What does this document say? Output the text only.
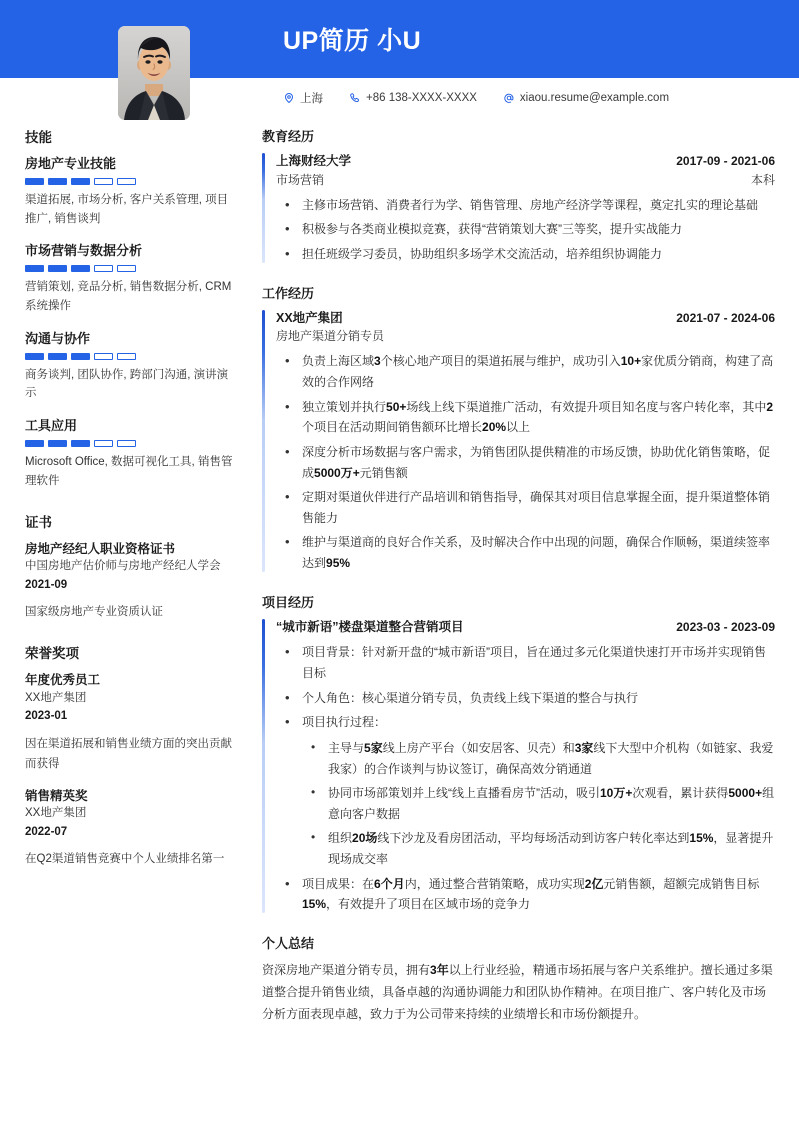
UP简历 小U
上海	+86 138-XXXX-XXXX	xiaou.resume@example.com
技能
房地产专业技能
渠道拓展, 市场分析, 客户关系管理, 项目推广, 销售谈判
市场营销与数据分析
营销策划, 竞品分析, 销售数据分析, CRM系统操作
沟通与协作
商务谈判, 团队协作, 跨部门沟通, 演讲演示
工具应用
Microsoft Office, 数据可视化工具, 销售管理软件
证书
房地产经纪人职业资格证书
中国房地产估价师与房地产经纪人学会
2021-09
国家级房地产专业资质认证
荣誉奖项
年度优秀员工
XX地产集团
2023-01
因在渠道拓展和销售业绩方面的突出贡献而获得
销售精英奖
XX地产集团
2022-07
在Q2渠道销售竞赛中个人业绩排名第一
教育经历
上海财经大学	2017-09 - 2021-06
市场营销	本科
• 主修市场营销、消费者行为学、销售管理、房地产经济学等课程，奠定扎实的理论基础
• 积极参与各类商业模拟竞赛，获得“营销策划大赛”三等奖，提升实战能力
• 担任班级学习委员，协助组织多场学术交流活动，培养组织协调能力
工作经历
XX地产集团	2021-07 - 2024-06
房地产渠道分销专员
• 负责上海区域3个核心地产项目的渠道拓展与维护，成功引入10+家优质分销商，构建了高效的合作网络
• 独立策划并执行50+场线上线下渠道推广活动，有效提升项目知名度与客户转化率，其中2个项目在活动期间销售额环比增长20%以上
• 深度分析市场数据与客户需求，为销售团队提供精准的市场反馈，协助优化销售策略，促成5000万+元销售额
• 定期对渠道伙伴进行产品培训和销售指导，确保其对项目信息掌握全面，提升渠道整体销售能力
• 维护与渠道商的良好合作关系，及时解决合作中出现的问题，确保合作顺畅，渠道续签率达到95%
项目经历
“城市新语”楼盘渠道整合营销项目	2023-03 - 2023-09
• 项目背景：针对新开盘的“城市新语”项目，旨在通过多元化渠道快速打开市场并实现销售目标
• 个人角色：核心渠道分销专员，负责线上线下渠道的整合与执行
• 项目执行过程：
• 主导与5家线上房产平台（如安居客、贝壳）和3家线下大型中介机构（如链家、我爱我家）的合作谈判与协议签订，确保高效分销通道
• 协同市场部策划并上线“线上直播看房节”活动，吸引10万+次观看，累计获得5000+组意向客户数据
• 组织20场线下沙龙及看房团活动，平均每场活动到访客户转化率达到15%，显著提升现场成交率
• 项目成果：在6个月内，通过整合营销策略，成功实现2亿元销售额，超额完成销售目标15%，有效提升了项目在区域市场的竞争力
个人总结
资深房地产渠道分销专员，拥有3年以上行业经验，精通市场拓展与客户关系维护。擅长通过多渠道整合提升销售业绩，具备卓越的沟通协调能力和团队协作精神。在项目推广、客户转化及市场分析方面表现卓越，致力于为公司带来持续的业绩增长和市场份额提升。
